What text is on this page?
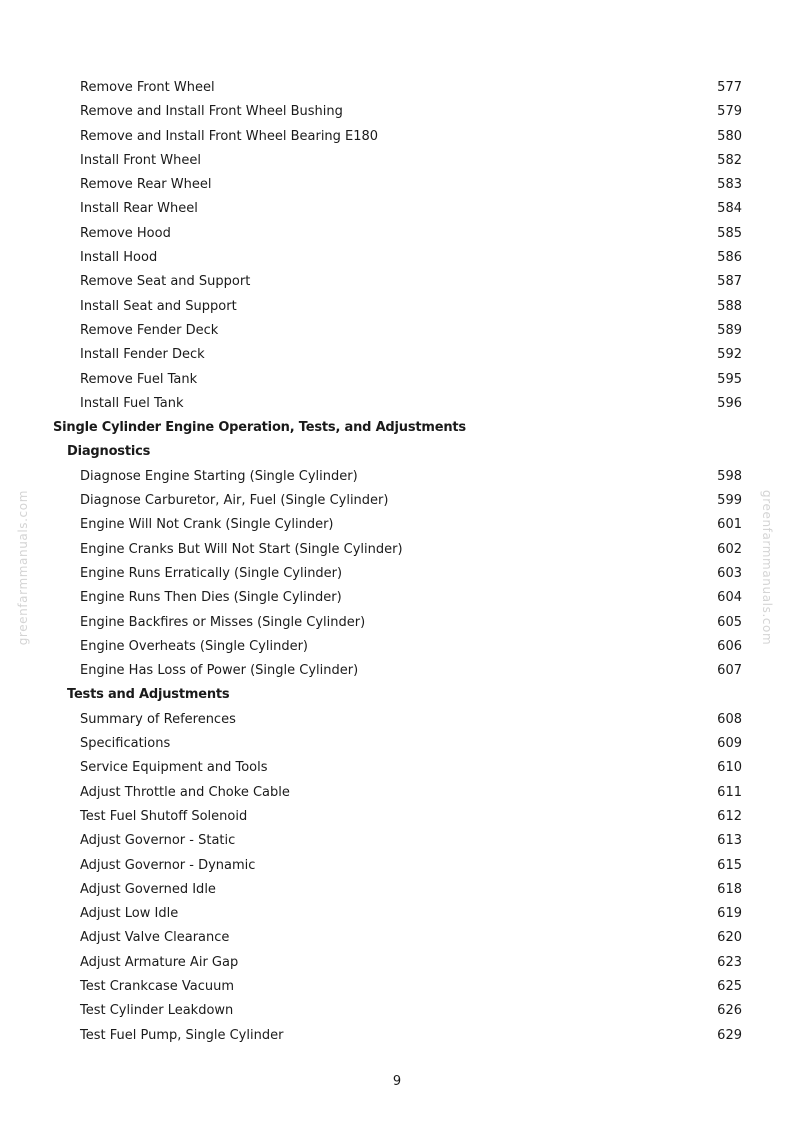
greenfarmmanuals.com	greenfarmmanuals.com
Remove Front Wheel	577
Remove and Install Front Wheel Bushing	579
Remove and Install Front Wheel Bearing E180	580
Install Front Wheel	582
Remove Rear Wheel	583
Install Rear Wheel	584
Remove Hood	585
Install Hood	586
Remove Seat and Support	587
Install Seat and Support	588
Remove Fender Deck	589
Install Fender Deck	592
Remove Fuel Tank	595
Install Fuel Tank	596
Single Cylinder Engine Operation, Tests, and Adjustments
Diagnostics
Diagnose Engine Starting (Single Cylinder)	598
Diagnose Carburetor, Air, Fuel (Single Cylinder)	599
Engine Will Not Crank (Single Cylinder)	601
Engine Cranks But Will Not Start (Single Cylinder)	602
Engine Runs Erratically (Single Cylinder)	603
Engine Runs Then Dies (Single Cylinder)	604
Engine Backfires or Misses (Single Cylinder)	605
Engine Overheats (Single Cylinder)	606
Engine Has Loss of Power (Single Cylinder)	607
Tests and Adjustments
Summary of References	608
Specifications	609
Service Equipment and Tools	610
Adjust Throttle and Choke Cable	611
Test Fuel Shutoff Solenoid	612
Adjust Governor - Static	613
Adjust Governor - Dynamic	615
Adjust Governed Idle	618
Adjust Low Idle	619
Adjust Valve Clearance	620
Adjust Armature Air Gap	623
Test Crankcase Vacuum	625
Test Cylinder Leakdown	626
Test Fuel Pump, Single Cylinder	629
9
